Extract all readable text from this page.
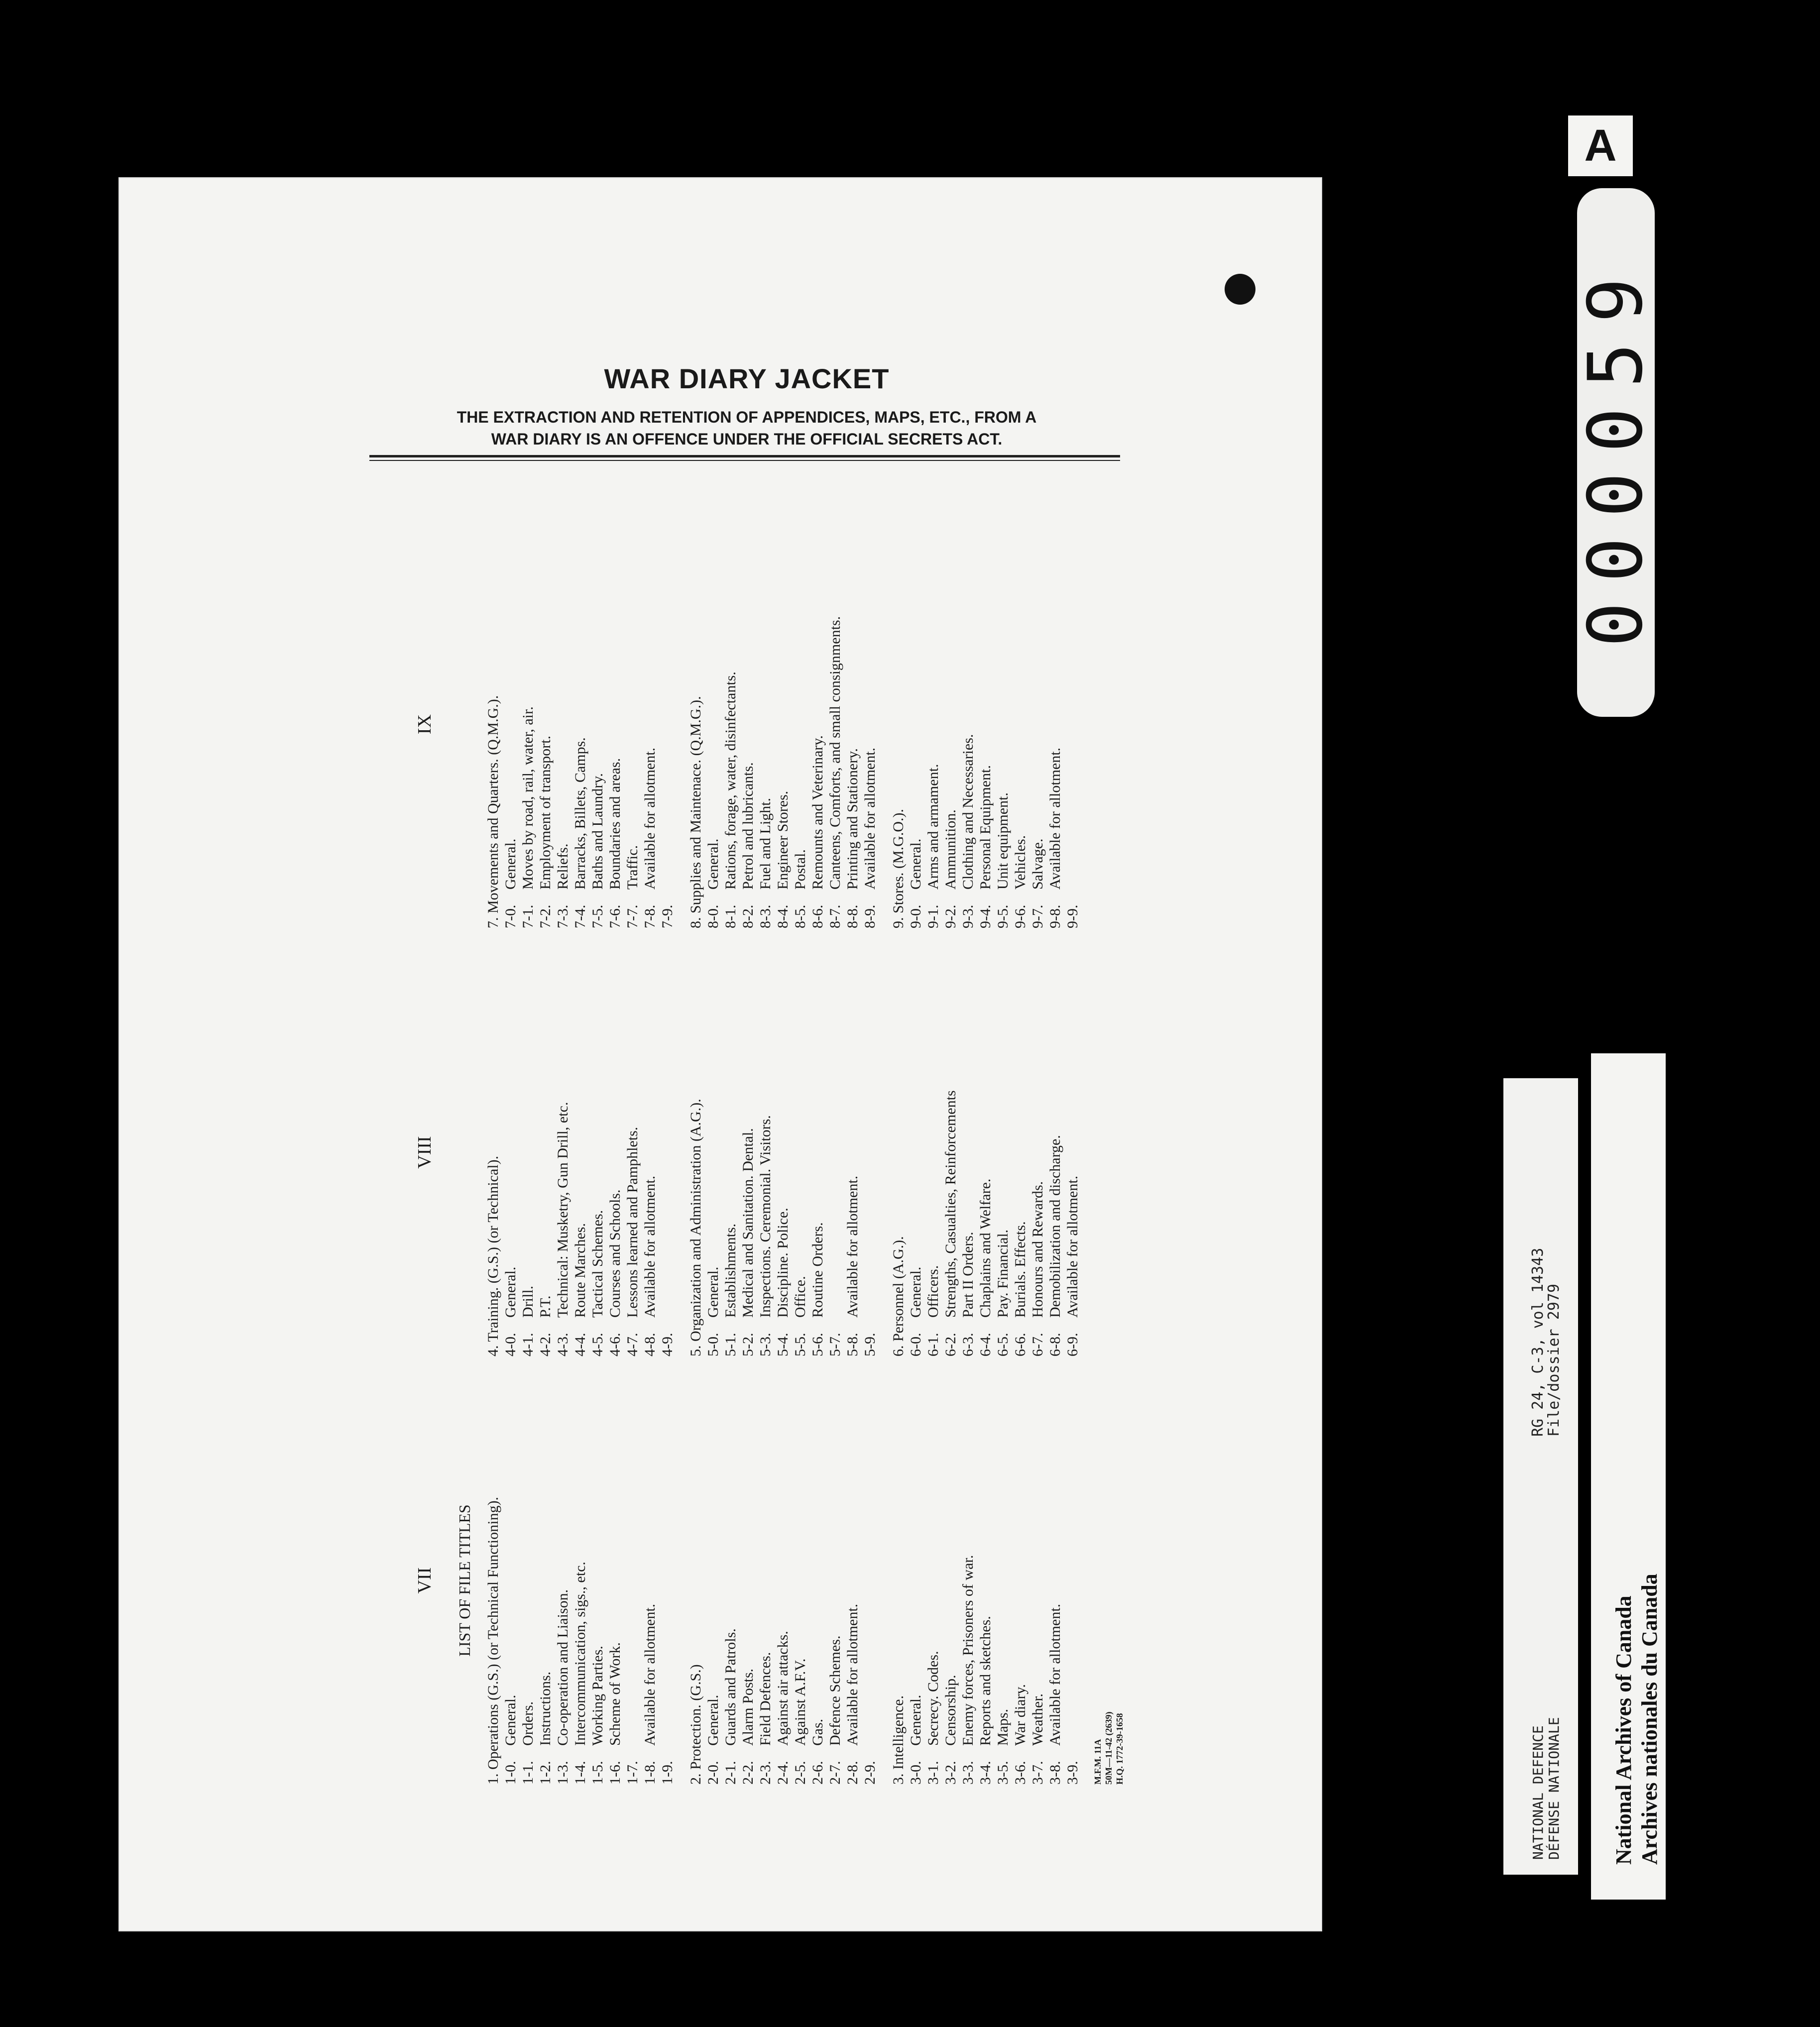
WAR DIARY JACKET
THE EXTRACTION AND RETENTION OF APPENDICES, MAPS, ETC., FROM A
WAR DIARY IS AN OFFENCE UNDER THE OFFICIAL SECRETS ACT.
VII LIST OF FILE TITLES 1. Operations (G.S.) (or Technical Functioning). 1-0.
General.
1-1.
Orders.
1-2.
Instructions.
1-3.
Co-operation and Liaison.
1-4.
Intercommunication, sigs., etc.
1-5.
Working Parties.
1-6.
Scheme of Work.
1-7. 1-8.
Available for allotment.
1-9. 2. Protection. (G.S.) 2-0.
General.
2-1.
Guards and Patrols.
2-2.
Alarm Posts.
2-3.
Field Defences.
2-4.
Against air attacks.
2-5.
Against A.F.V.
2-6.
Gas.
2-7.
Defence Schemes.
2-8.
Available for allotment.
2-9. 3. Intelligence. 3-0.
General.
3-1.
Secrecy. Codes.
3-2.
Censorship.
3-3.
Enemy forces, Prisoners of war.
3-4.
Reports and sketches.
3-5.
Maps.
3-6.
War diary.
3-7.
Weather.
3-8.
Available for allotment.
3-9. M.F.M. 11A 50M—11-42 (2639) H.Q. 1772-39-1658
VIII
4. Training. (G.S.) (or Technical). 4-0.
General.
4-1.
Drill.
4-2.
P.T.
4-3.
Technical: Musketry, Gun Drill, etc.
4-4.
Route Marches.
4-5.
Tactical Schemes.
4-6.
Courses and Schools.
4-7.
Lessons learned and Pamphlets.
4-8.
Available for allotment.
4-9. 5. Organization and Administration (A.G.). 5-0.
General.
5-1.
Establishments.
5-2.
Medical and Sanitation. Dental.
5-3.
Inspections. Ceremonial. Visitors.
5-4.
Discipline. Police.
5-5.
Office.
5-6.
Routine Orders.
5-7. 5-8.
Available for allotment.
5-9. 6. Personnel (A.G.). 6-0.
General.
6-1.
Officers.
6-2.
Strengths, Casualties, Reinforcements
6-3.
Part II Orders.
6-4.
Chaplains and Welfare.
6-5.
Pay. Financial.
6-6.
Burials. Effects.
6-7.
Honours and Rewards.
6-8.
Demobilization and discharge.
6-9.
Available for allotment.
IX	7. Movements and Quarters. (Q.M.G.). 7-0.
General.
7-1.
Moves by road, rail, water, air.
7-2.
Employment of transport.
7-3.
Reliefs.
7-4.
Barracks, Billets, Camps.
7-5.
Baths and Laundry.
7-6.
Boundaries and areas.
7-7.
Traffic.
7-8.
Available for allotment.
7-9. 8. Supplies and Maintenace. (Q.M.G.). 8-0.
General.
8-1.
Rations, forage, water, disinfectants.
8-2.
Petrol and lubricants.
8-3.
Fuel and Light.
8-4.
Engineer Stores.
8-5.
Postal.
8-6.
Remounts and Veterinary.
8-7.
Canteens, Comforts, and small consignments.
8-8.
Printing and Stationery.
8-9.
Available for allotment. 9. Stores. (M.G.O.). 9-0.
General.
9-1.
Arms and armament.
9-2.
Ammunition.
9-3.
Clothing and Necessaries.
9-4.
Personal Equipment.
9-5.
Unit equipment.
9-6.
Vehicles.
9-7.
Salvage.
9-8.
Available for allotment.
9-9.
A
000059
NATIONAL DEFENCE DÉFENSE NATIONALE
RG 24, C-3, vol 14343
File/dossier 2979
National Archives of Canada Archives nationales du Canada
